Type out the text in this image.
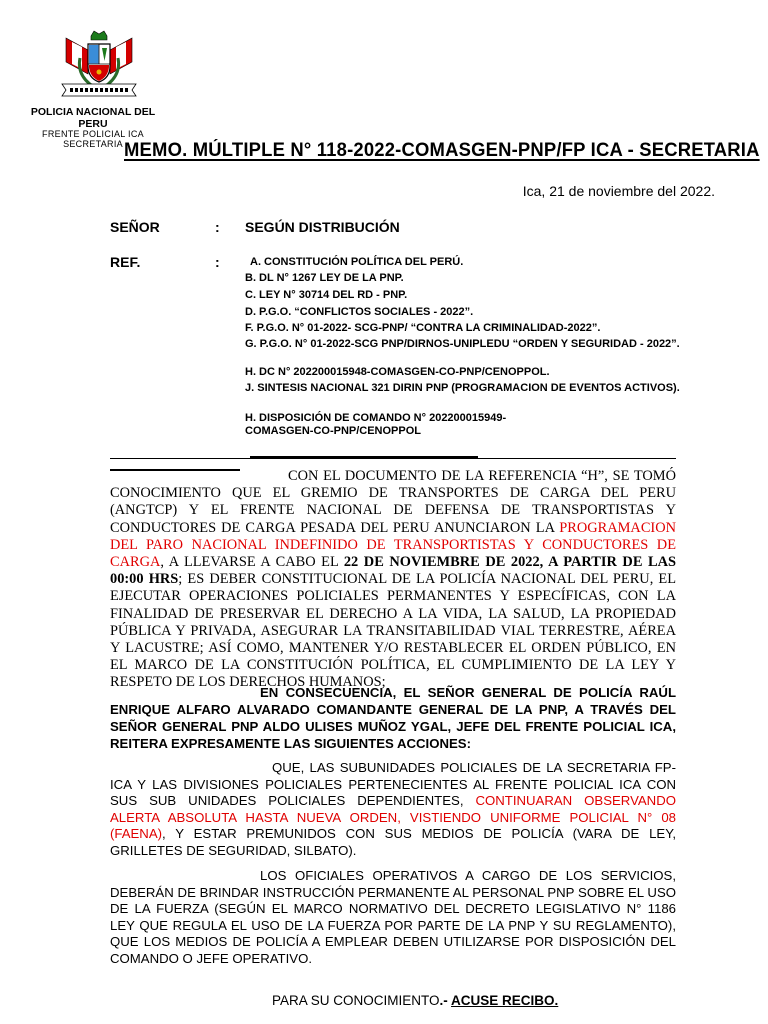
POLICIA NACIONAL DEL
PERU
FRENTE POLICIAL ICA
SECRETARIA MEMO. MÚLTIPLE N° 118-2022-COMASGEN-PNP/FP ICA - SECRETARIA
Ica, 21 de noviembre del 2022.
SEÑOR	: SEGÚN DISTRIBUCIÓN
REF.	:	A. CONSTITUCIÓN POLÍTICA DEL PERÚ.
B. DL N° 1267 LEY DE LA PNP.
C. LEY N° 30714 DEL RD - PNP.
D. P.G.O. “CONFLICTOS SOCIALES - 2022”.
F. P.G.O. N° 01-2022- SCG-PNP/ “CONTRA LA CRIMINALIDAD-2022”.
G. P.G.O. N° 01-2022-SCG PNP/DIRNOS-UNIPLEDU “ORDEN Y SEGURIDAD - 2022”.
H. DC N° 202200015948-COMASGEN-CO-PNP/CENOPPOL.
J. SINTESIS NACIONAL 321 DIRIN PNP (PROGRAMACION DE EVENTOS ACTIVOS).
H. DISPOSICIÓN DE COMANDO N° 202200015949-COMASGEN-CO-PNP/CENOPPOL
CON EL DOCUMENTO DE LA REFERENCIA “H”, SE TOMÓ CONOCIMIENTO QUE EL GREMIO DE TRANSPORTES DE CARGA DEL PERU (ANGTCP) Y EL FRENTE NACIONAL DE DEFENSA DE TRANSPORTISTAS Y CONDUCTORES DE CARGA PESADA DEL PERU ANUNCIARON LA PROGRAMACION DEL PARO NACIONAL INDEFINIDO DE TRANSPORTISTAS Y CONDUCTORES DE CARGA, A LLEVARSE A CABO EL 22 DE NOVIEMBRE DE 2022, A PARTIR DE LAS 00:00 HRS; ES DEBER CONSTITUCIONAL DE LA POLICÍA NACIONAL DEL PERU, EL EJECUTAR OPERACIONES POLICIALES PERMANENTES Y ESPECÍFICAS, CON LA FINALIDAD DE PRESERVAR EL DERECHO A LA VIDA, LA SALUD, LA PROPIEDAD PÚBLICA Y PRIVADA, ASEGURAR LA TRANSITABILIDAD VIAL TERRESTRE, AÉREA Y LACUSTRE; ASÍ COMO, MANTENER Y/O RESTABLECER EL ORDEN PÚBLICO, EN EL MARCO DE LA CONSTITUCIÓN POLÍTICA, EL CUMPLIMIENTO DE LA LEY Y RESPETO DE LOS DERECHOS HUMANOS;
EN CONSECUENCIA, EL SEÑOR GENERAL DE POLICÍA RAÚL ENRIQUE ALFARO ALVARADO COMANDANTE GENERAL DE LA PNP, A TRAVÉS DEL SEÑOR GENERAL PNP ALDO ULISES MUÑOZ YGAL, JEFE DEL FRENTE POLICIAL ICA, REITERA EXPRESAMENTE LAS SIGUIENTES ACCIONES:
QUE, LAS SUBUNIDADES POLICIALES DE LA SECRETARIA FP-ICA Y LAS DIVISIONES POLICIALES PERTENECIENTES AL FRENTE POLICIAL ICA CON SUS SUB UNIDADES POLICIALES DEPENDIENTES, CONTINUARAN OBSERVANDO ALERTA ABSOLUTA HASTA NUEVA ORDEN, VISTIENDO UNIFORME POLICIAL N° 08 (FAENA), Y ESTAR PREMUNIDOS CON SUS MEDIOS DE POLICÍA (VARA DE LEY, GRILLETES DE SEGURIDAD, SILBATO).
LOS OFICIALES OPERATIVOS A CARGO DE LOS SERVICIOS, DEBERÁN DE BRINDAR INSTRUCCIÓN PERMANENTE AL PERSONAL PNP SOBRE EL USO DE LA FUERZA (SEGÚN EL MARCO NORMATIVO DEL DECRETO LEGISLATIVO N° 1186 LEY QUE REGULA EL USO DE LA FUERZA POR PARTE DE LA PNP Y SU REGLAMENTO), QUE LOS MEDIOS DE POLICÍA A EMPLEAR DEBEN UTILIZARSE POR DISPOSICIÓN DEL COMANDO O JEFE OPERATIVO.
PARA SU CONOCIMIENTO.- ACUSE RECIBO.
